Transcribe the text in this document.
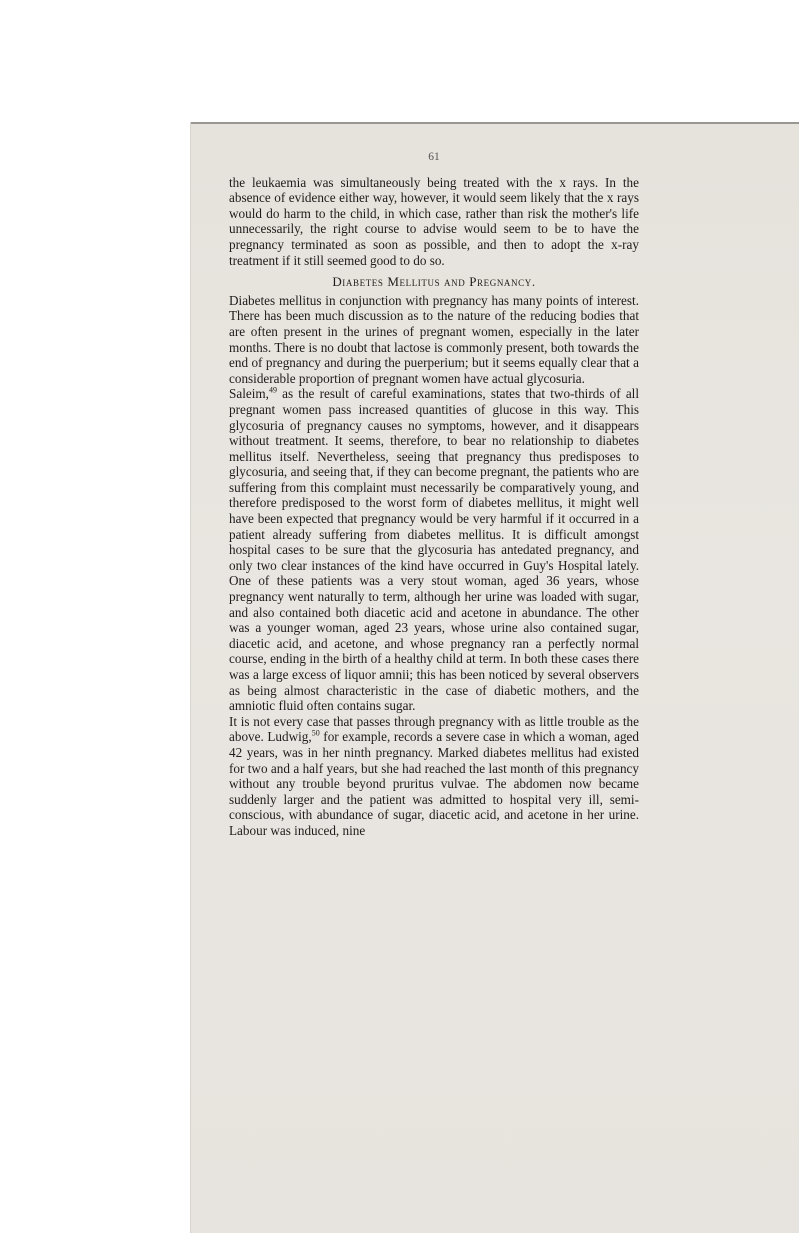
61

the leukaemia was simultaneously being treated with the x rays. In the absence of evidence either way, however, it would seem likely that the x rays would do harm to the child, in which case, rather than risk the mother's life unnecessarily, the right course to advise would seem to be to have the pregnancy terminated as soon as possible, and then to adopt the x-ray treatment if it still seemed good to do so.

Diabetes Mellitus and Pregnancy.

Diabetes mellitus in conjunction with pregnancy has many points of interest. There has been much discussion as to the nature of the reducing bodies that are often present in the urines of pregnant women, especially in the later months. There is no doubt that lactose is commonly present, both towards the end of pregnancy and during the puerperium; but it seems equally clear that a considerable proportion of pregnant women have actual glycosuria.

Saleim,$^{49}$ as the result of careful examinations, states that two-thirds of all pregnant women pass increased quantities of glucose in this way. This glycosuria of pregnancy causes no symptoms, however, and it disappears without treatment. It seems, therefore, to bear no relationship to diabetes mellitus itself. Nevertheless, seeing that pregnancy thus predisposes to glycosuria, and seeing that, if they can become pregnant, the patients who are suffering from this complaint must necessarily be comparatively young, and therefore predisposed to the worst form of diabetes mellitus, it might well have been expected that pregnancy would be very harmful if it occurred in a patient already suffering from diabetes mellitus. It is difficult amongst hospital cases to be sure that the glycosuria has antedated pregnancy, and only two clear instances of the kind have occurred in Guy's Hospital lately. One of these patients was a very stout woman, aged 36 years, whose pregnancy went naturally to term, although her urine was loaded with sugar, and also contained both diacetic acid and acetone in abundance. The other was a younger woman, aged 23 years, whose urine also contained sugar, diacetic acid, and acetone, and whose pregnancy ran a perfectly normal course, ending in the birth of a healthy child at term. In both these cases there was a large excess of liquor amnii; this has been noticed by several observers as being almost characteristic in the case of diabetic mothers, and the amniotic fluid often contains sugar.

It is not every case that passes through pregnancy with as little trouble as the above. Ludwig,$^{50}$ for example, records a severe case in which a woman, aged 42 years, was in her ninth pregnancy. Marked diabetes mellitus had existed for two and a half years, but she had reached the last month of this pregnancy without any trouble beyond pruritus vulvae. The abdomen now became suddenly larger and the patient was admitted to hospital very ill, semi-conscious, with abundance of sugar, diacetic acid, and acetone in her urine. Labour was induced, nine
